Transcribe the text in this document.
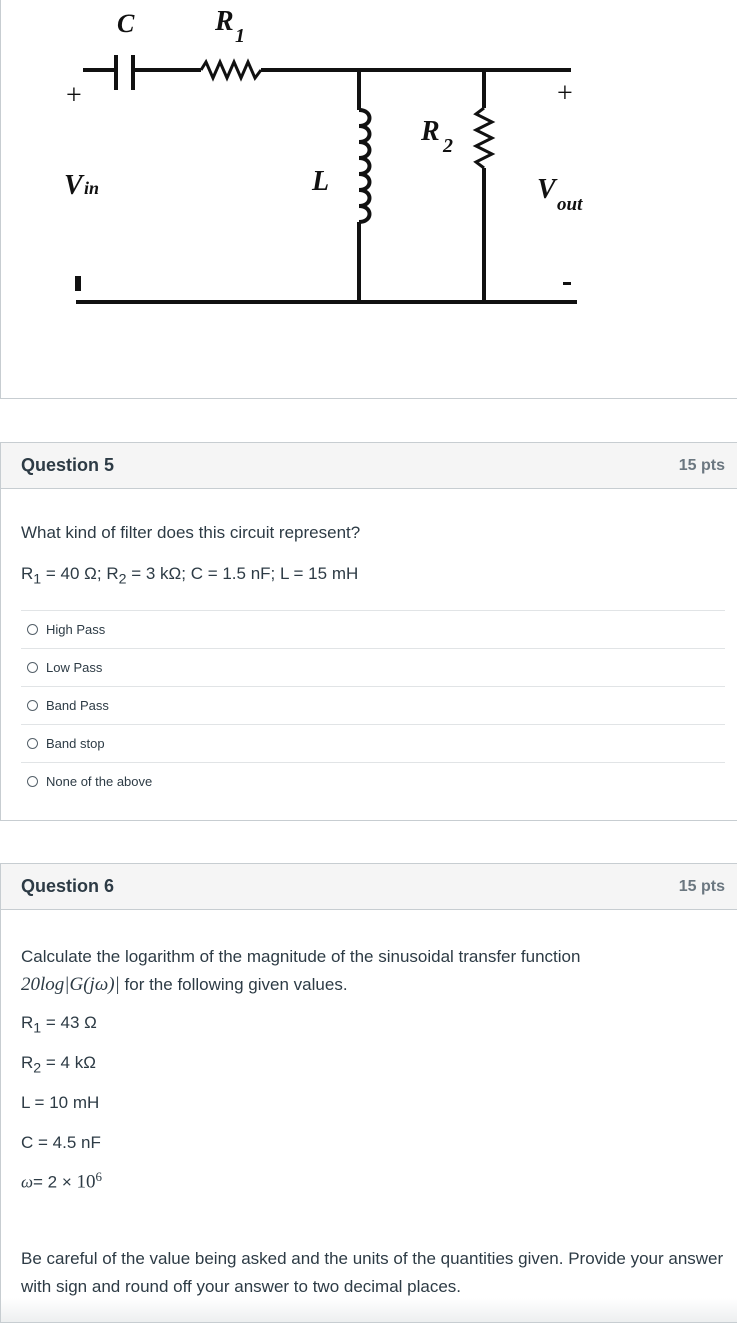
C	R 1
R 2
L
V in	V out
+	+
Question 5	15 pts
What kind of filter does this circuit represent?
$R_1 = 40$ Ω; $R_2 = 3$ kΩ; C = 1.5 nF; L = 15 mH
High Pass
Low Pass
Band Pass
Band stop
None of the above
Question 6	15 pts
Calculate the logarithm of the magnitude of the sinusoidal transfer function
20log|G(jω)| for the following given values.
$R_1 = 43$ Ω
$R_2 = 4$ kΩ
L = 10 mH
C = 4.5 nF
$\omega= 2 \times 10^6$
Be careful of the value being asked and the units of the quantities given. Provide your answer with sign and round off your answer to two decimal places.
